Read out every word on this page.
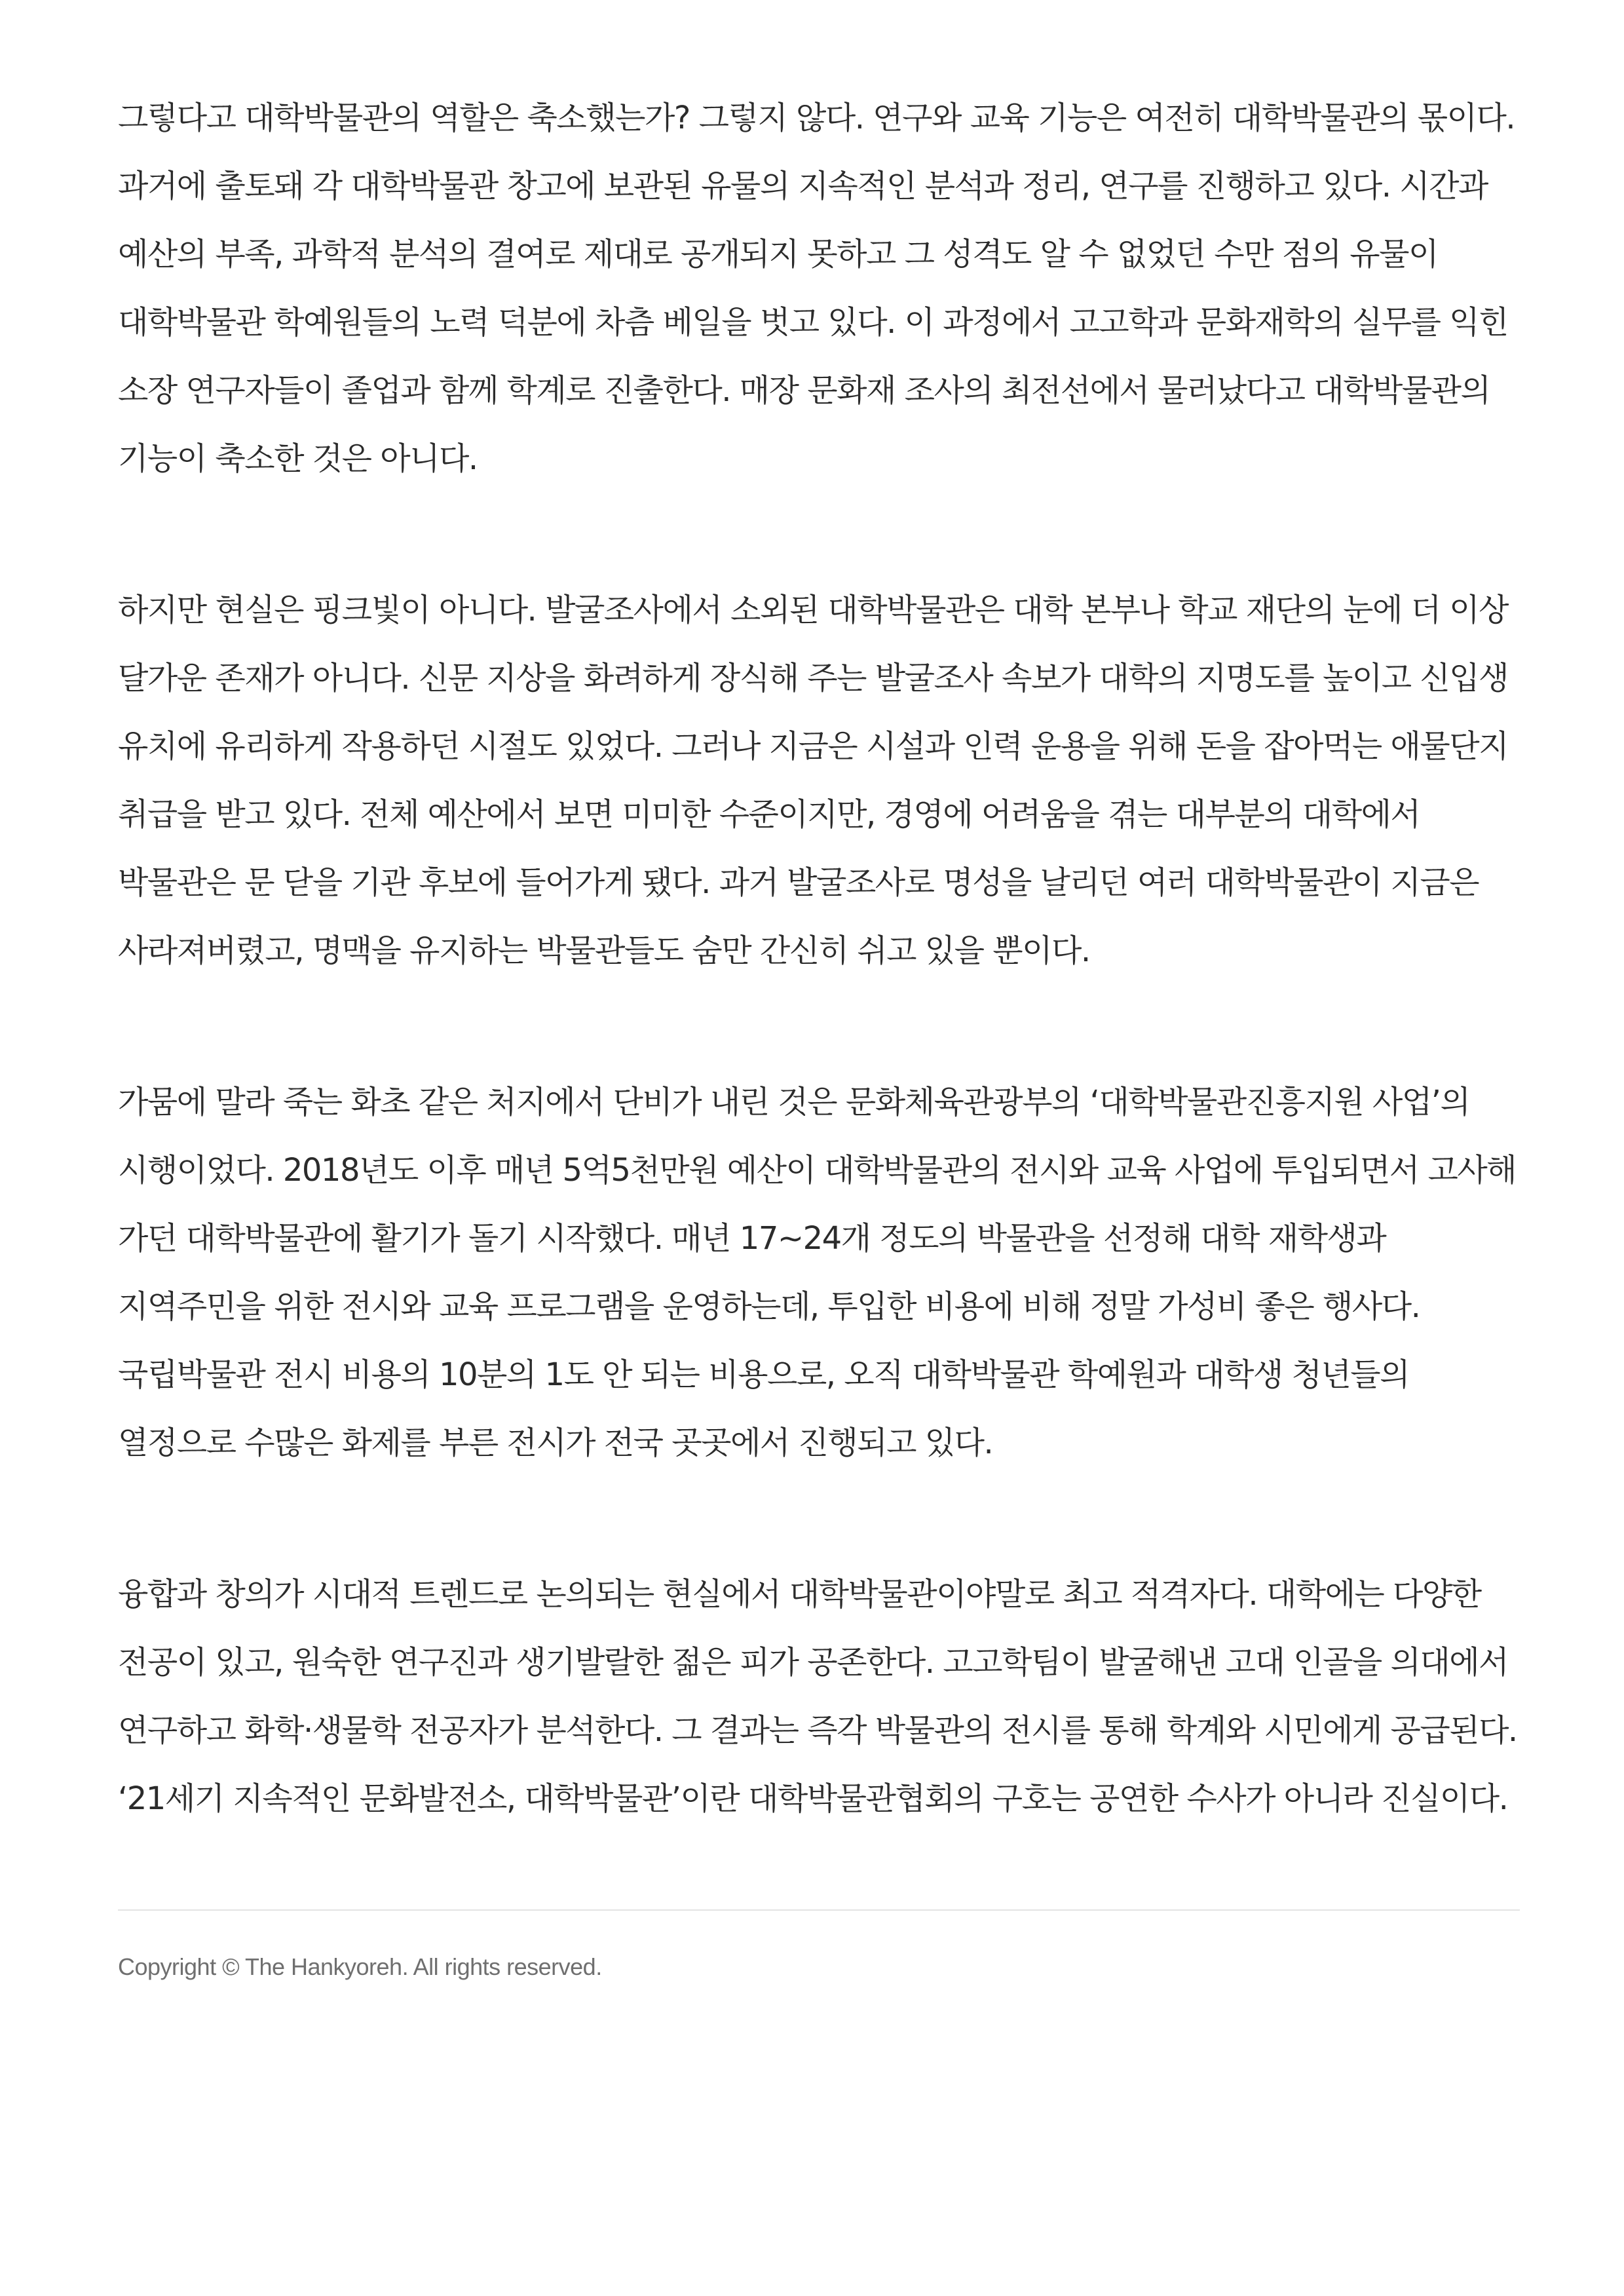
그렇다고 대학박물관의 역할은 축소했는가? 그렇지 않다. 연구와 교육 기능은 여전히 대학박물관의 몫이다. 과거에 출토돼 각 대학박물관 창고에 보관된 유물의 지속적인 분석과 정리, 연구를 진행하고 있다. 시간과 예산의 부족, 과학적 분석의 결여로 제대로 공개되지 못하고 그 성격도 알 수 없었던 수만 점의 유물이 대학박물관 학예원들의 노력 덕분에 차츰 베일을 벗고 있다. 이 과정에서 고고학과 문화재학의 실무를 익힌 소장 연구자들이 졸업과 함께 학계로 진출한다. 매장 문화재 조사의 최전선에서 물러났다고 대학박물관의 기능이 축소한 것은 아니다.

하지만 현실은 핑크빛이 아니다. 발굴조사에서 소외된 대학박물관은 대학 본부나 학교 재단의 눈에 더 이상 달가운 존재가 아니다. 신문 지상을 화려하게 장식해 주는 발굴조사 속보가 대학의 지명도를 높이고 신입생 유치에 유리하게 작용하던 시절도 있었다. 그러나 지금은 시설과 인력 운용을 위해 돈을 잡아먹는 애물단지 취급을 받고 있다. 전체 예산에서 보면 미미한 수준이지만, 경영에 어려움을 겪는 대부분의 대학에서 박물관은 문 닫을 기관 후보에 들어가게 됐다. 과거 발굴조사로 명성을 날리던 여러 대학박물관이 지금은 사라져버렸고, 명맥을 유지하는 박물관들도 숨만 간신히 쉬고 있을 뿐이다.

가뭄에 말라 죽는 화초 같은 처지에서 단비가 내린 것은 문화체육관광부의 ‘대학박물관진흥지원 사업’의 시행이었다. 2018년도 이후 매년 5억5천만원 예산이 대학박물관의 전시와 교육 사업에 투입되면서 고사해 가던 대학박물관에 활기가 돌기 시작했다. 매년 17~24개 정도의 박물관을 선정해 대학 재학생과 지역주민을 위한 전시와 교육 프로그램을 운영하는데, 투입한 비용에 비해 정말 가성비 좋은 행사다. 국립박물관 전시 비용의 10분의 1도 안 되는 비용으로, 오직 대학박물관 학예원과 대학생 청년들의 열정으로 수많은 화제를 부른 전시가 전국 곳곳에서 진행되고 있다.

융합과 창의가 시대적 트렌드로 논의되는 현실에서 대학박물관이야말로 최고 적격자다. 대학에는 다양한 전공이 있고, 원숙한 연구진과 생기발랄한 젊은 피가 공존한다. 고고학팀이 발굴해낸 고대 인골을 의대에서 연구하고 화학·생물학 전공자가 분석한다. 그 결과는 즉각 박물관의 전시를 통해 학계와 시민에게 공급된다. ‘21세기 지속적인 문화발전소, 대학박물관’이란 대학박물관협회의 구호는 공연한 수사가 아니라 진실이다.

Copyright © The Hankyoreh. All rights reserved.
